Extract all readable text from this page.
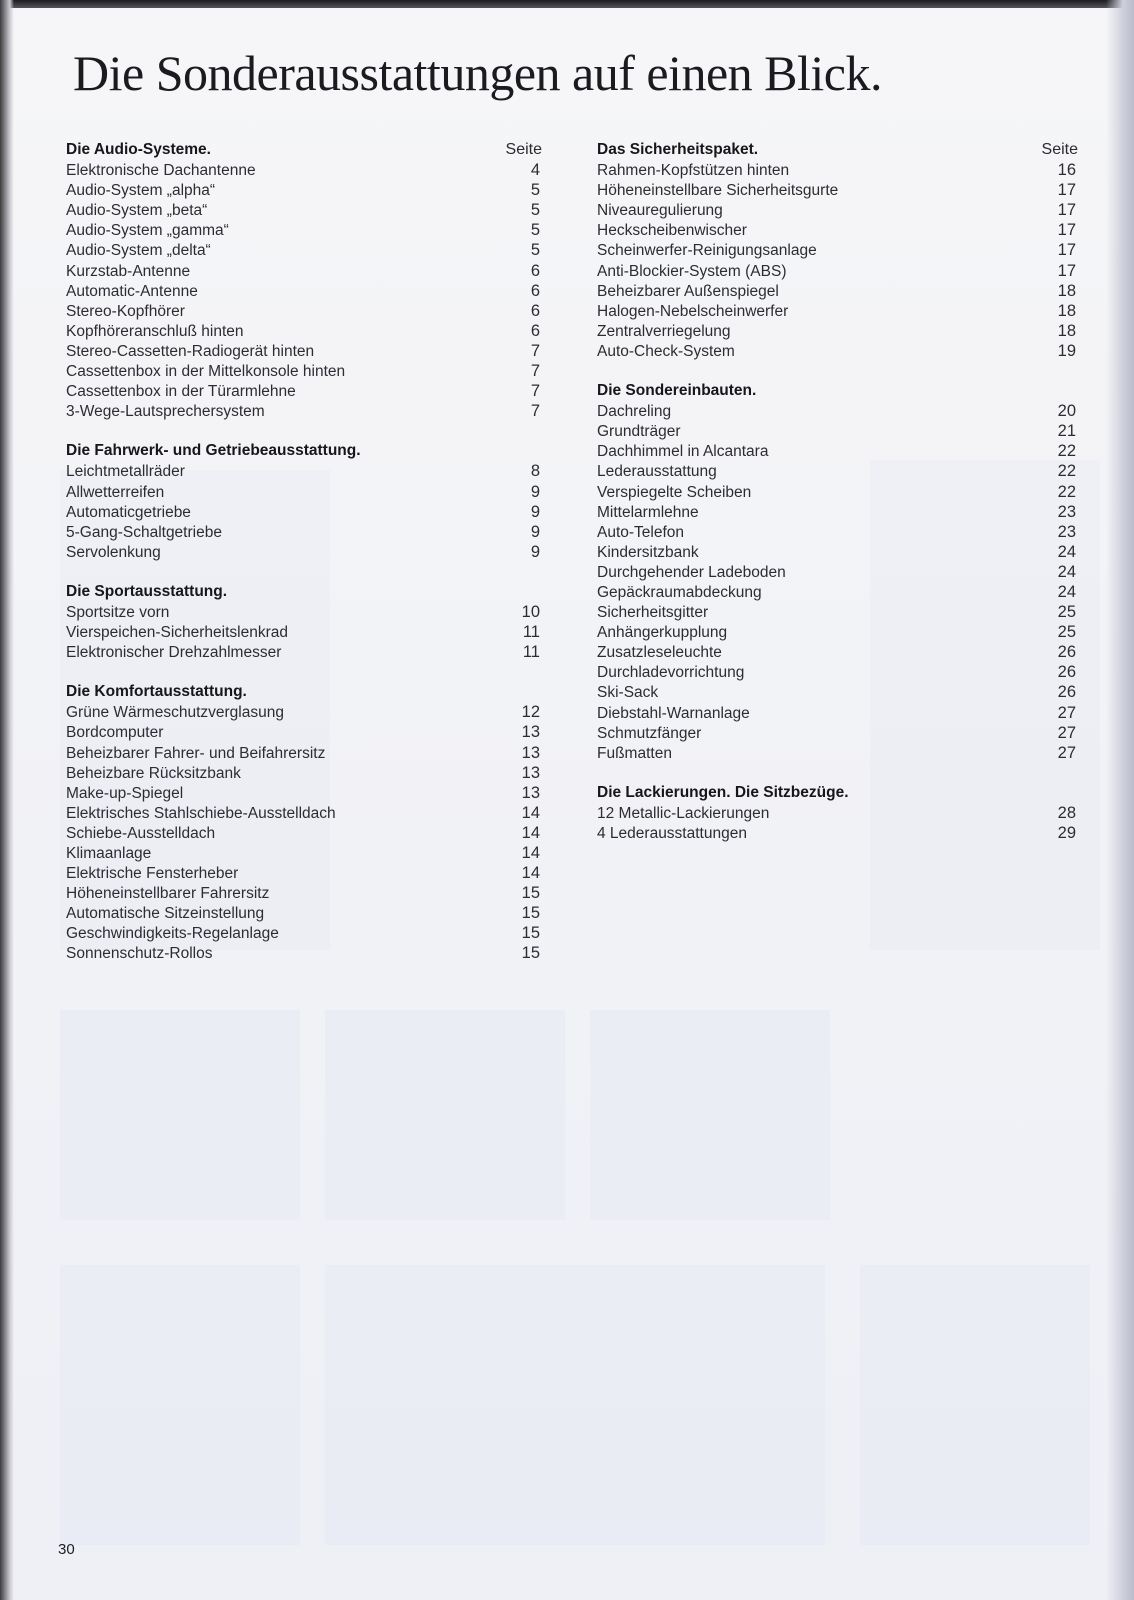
Die Sonderausstattungen auf einen Blick.
Die Audio-Systeme.	Seite
Elektronische Dachantenne	4
Audio-System „alpha“	5
Audio-System „beta“	5
Audio-System „gamma“	5
Audio-System „delta“	5
Kurzstab-Antenne	6
Automatic-Antenne	6
Stereo-Kopfhörer	6
Kopfhöreranschluß hinten	6
Stereo-Cassetten-Radiogerät hinten	7
Cassettenbox in der Mittelkonsole hinten	7
Cassettenbox in der Türarmlehne	7
3-Wege-Lautsprechersystem	7
Die Fahrwerk- und Getriebeausstattung.
Leichtmetallräder	8
Allwetterreifen	9
Automaticgetriebe	9
5-Gang-Schaltgetriebe	9
Servolenkung	9
Die Sportausstattung.
Sportsitze vorn	10
Vierspeichen-Sicherheitslenkrad	11
Elektronischer Drehzahlmesser	11
Die Komfortausstattung.
Grüne Wärmeschutzverglasung	12
Bordcomputer	13
Beheizbarer Fahrer- und Beifahrersitz	13
Beheizbare Rücksitzbank	13
Make-up-Spiegel	13
Elektrisches Stahlschiebe-Ausstelldach	14
Schiebe-Ausstelldach	14
Klimaanlage	14
Elektrische Fensterheber	14
Höheneinstellbarer Fahrersitz	15
Automatische Sitzeinstellung	15
Geschwindigkeits-Regelanlage	15
Sonnenschutz-Rollos	15
Das Sicherheitspaket.	Seite
Rahmen-Kopfstützen hinten	16
Höheneinstellbare Sicherheitsgurte	17
Niveauregulierung	17
Heckscheibenwischer	17
Scheinwerfer-Reinigungsanlage	17
Anti-Blockier-System (ABS)	17
Beheizbarer Außenspiegel	18
Halogen-Nebelscheinwerfer	18
Zentralverriegelung	18
Auto-Check-System	19
Die Sondereinbauten.
Dachreling	20
Grundträger	21
Dachhimmel in Alcantara	22
Lederausstattung	22
Verspiegelte Scheiben	22
Mittelarmlehne	23
Auto-Telefon	23
Kindersitzbank	24
Durchgehender Ladeboden	24
Gepäckraumabdeckung	24
Sicherheitsgitter	25
Anhängerkupplung	25
Zusatzleseleuchte	26
Durchladevorrichtung	26
Ski-Sack	26
Diebstahl-Warnanlage	27
Schmutzfänger	27
Fußmatten	27
Die Lackierungen. Die Sitzbezüge.
12 Metallic-Lackierungen	28
4 Lederausstattungen	29
30
